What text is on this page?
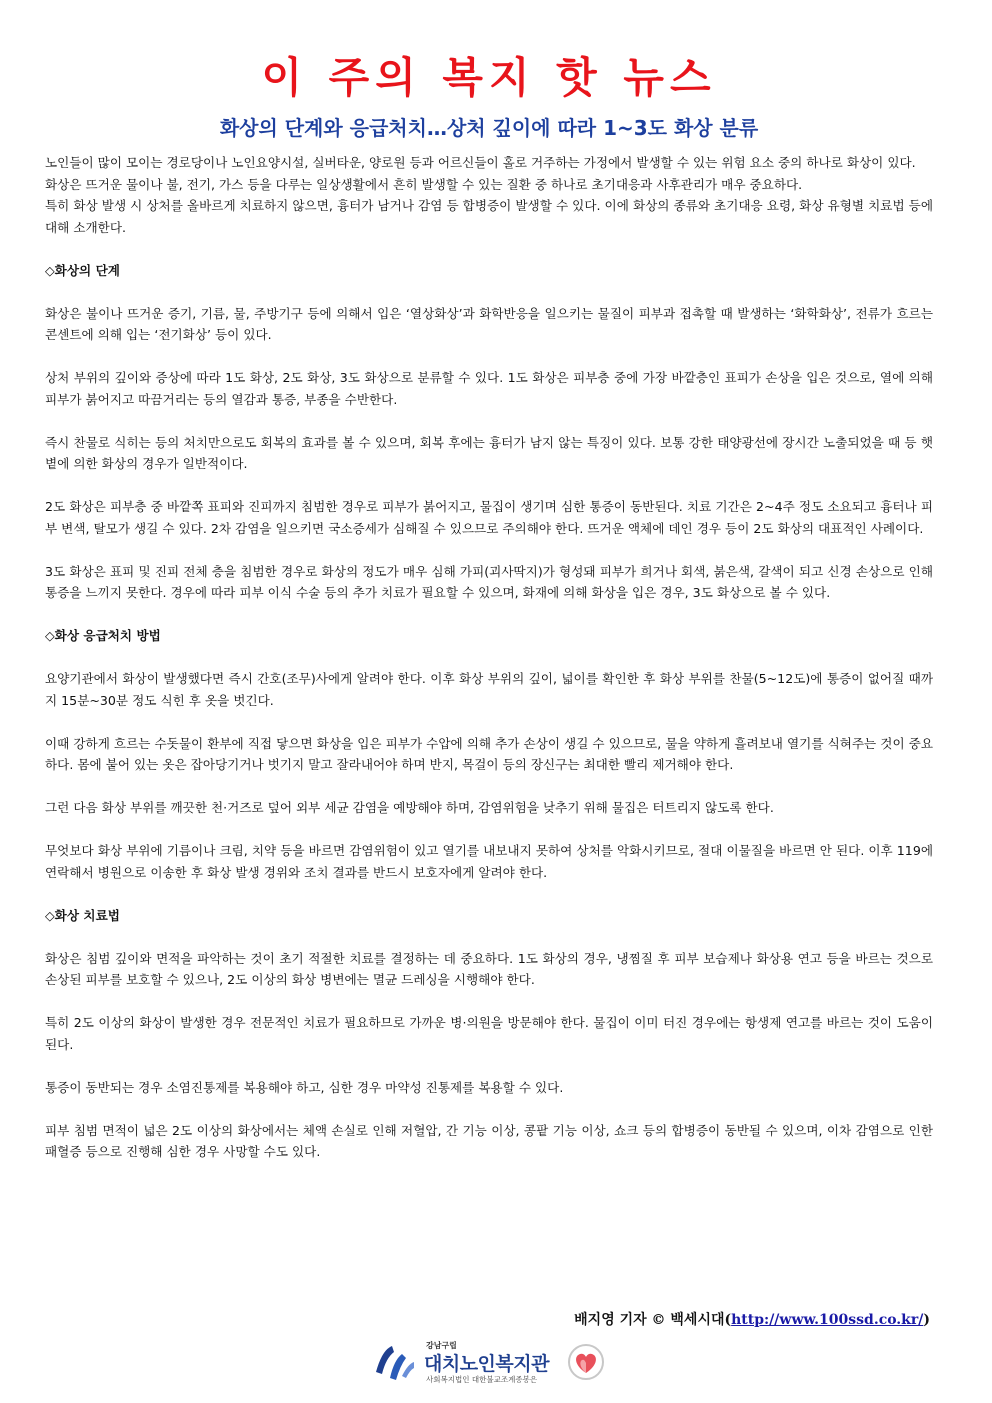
이 주의 복지 핫 뉴스
화상의 단계와 응급처치…상처 깊이에 따라 1~3도 화상 분류

노인들이 많이 모이는 경로당이나 노인요양시설, 실버타운, 양로원 등과 어르신들이 홀로 거주하는 가정에서 발생할 수 있는 위험 요소 중의 하나로 화상이 있다.

화상은 뜨거운 물이나 불, 전기, 가스 등을 다루는 일상생활에서 흔히 발생할 수 있는 질환 중 하나로 초기대응과 사후관리가 매우 중요하다.

특히 화상 발생 시 상처를 올바르게 치료하지 않으면, 흉터가 남거나 감염 등 합병증이 발생할 수 있다. 이에 화상의 종류와 초기대응 요령, 화상 유형별 치료법 등에 대해 소개한다.

◇화상의 단계

화상은 불이나 뜨거운 증기, 기름, 물, 주방기구 등에 의해서 입은 ‘열상화상’과 화학반응을 일으키는 물질이 피부과 접촉할 때 발생하는 ‘화학화상’, 전류가 흐르는 콘센트에 의해 입는 ‘전기화상’ 등이 있다.

상처 부위의 깊이와 증상에 따라 1도 화상, 2도 화상, 3도 화상으로 분류할 수 있다. 1도 화상은 피부층 중에 가장 바깥층인 표피가 손상을 입은 것으로, 열에 의해 피부가 붉어지고 따끔거리는 등의 열감과 통증, 부종을 수반한다.

즉시 찬물로 식히는 등의 처치만으로도 회복의 효과를 볼 수 있으며, 회복 후에는 흉터가 남지 않는 특징이 있다. 보통 강한 태양광선에 장시간 노출되었을 때 등 햇볕에 의한 화상의 경우가 일반적이다.

2도 화상은 피부층 중 바깥쪽 표피와 진피까지 침범한 경우로 피부가 붉어지고, 물집이 생기며 심한 통증이 동반된다. 치료 기간은 2~4주 정도 소요되고 흉터나 피부 변색, 탈모가 생길 수 있다. 2차 감염을 일으키면 국소증세가 심해질 수 있으므로 주의해야 한다. 뜨거운 액체에 데인 경우 등이 2도 화상의 대표적인 사례이다.

3도 화상은 표피 및 진피 전체 층을 침범한 경우로 화상의 정도가 매우 심해 가피(괴사딱지)가 형성돼 피부가 희거나 회색, 붉은색, 갈색이 되고 신경 손상으로 인해 통증을 느끼지 못한다. 경우에 따라 피부 이식 수술 등의 추가 치료가 필요할 수 있으며, 화재에 의해 화상을 입은 경우, 3도 화상으로 볼 수 있다.

◇화상 응급처치 방법

요양기관에서 화상이 발생했다면 즉시 간호(조무)사에게 알려야 한다. 이후 화상 부위의 깊이, 넓이를 확인한 후 화상 부위를 찬물(5~12도)에 통증이 없어질 때까지 15분~30분 정도 식힌 후 옷을 벗긴다.

이때 강하게 흐르는 수돗물이 환부에 직접 닿으면 화상을 입은 피부가 수압에 의해 추가 손상이 생길 수 있으므로, 물을 약하게 흘려보내 열기를 식혀주는 것이 중요하다. 몸에 붙어 있는 옷은 잡아당기거나 벗기지 말고 잘라내어야 하며 반지, 목걸이 등의 장신구는 최대한 빨리 제거해야 한다.

그런 다음 화상 부위를 깨끗한 천·거즈로 덮어 외부 세균 감염을 예방해야 하며, 감염위험을 낮추기 위해 물집은 터트리지 않도록 한다.

무엇보다 화상 부위에 기름이나 크림, 치약 등을 바르면 감염위험이 있고 열기를 내보내지 못하여 상처를 악화시키므로, 절대 이물질을 바르면 안 된다. 이후 119에 연락해서 병원으로 이송한 후 화상 발생 경위와 조치 결과를 반드시 보호자에게 알려야 한다.

◇화상 치료법

화상은 침범 깊이와 면적을 파악하는 것이 초기 적절한 치료를 결정하는 데 중요하다. 1도 화상의 경우, 냉찜질 후 피부 보습제나 화상용 연고 등을 바르는 것으로 손상된 피부를 보호할 수 있으나, 2도 이상의 화상 병변에는 멸균 드레싱을 시행해야 한다.

특히 2도 이상의 화상이 발생한 경우 전문적인 치료가 필요하므로 가까운 병·의원을 방문해야 한다. 물집이 이미 터진 경우에는 항생제 연고를 바르는 것이 도움이 된다.

통증이 동반되는 경우 소염진통제를 복용해야 하고, 심한 경우 마약성 진통제를 복용할 수 있다.

피부 침범 면적이 넓은 2도 이상의 화상에서는 체액 손실로 인해 저혈압, 간 기능 이상, 콩팥 기능 이상, 쇼크 등의 합병증이 동반될 수 있으며, 이차 감염으로 인한 패혈증 등으로 진행해 심한 경우 사망할 수도 있다.

배지영 기자 © 백세시대(http://www.100ssd.co.kr/)
강남구립
대치노인복지관
사회복지법인 대한불교조계종봉은
